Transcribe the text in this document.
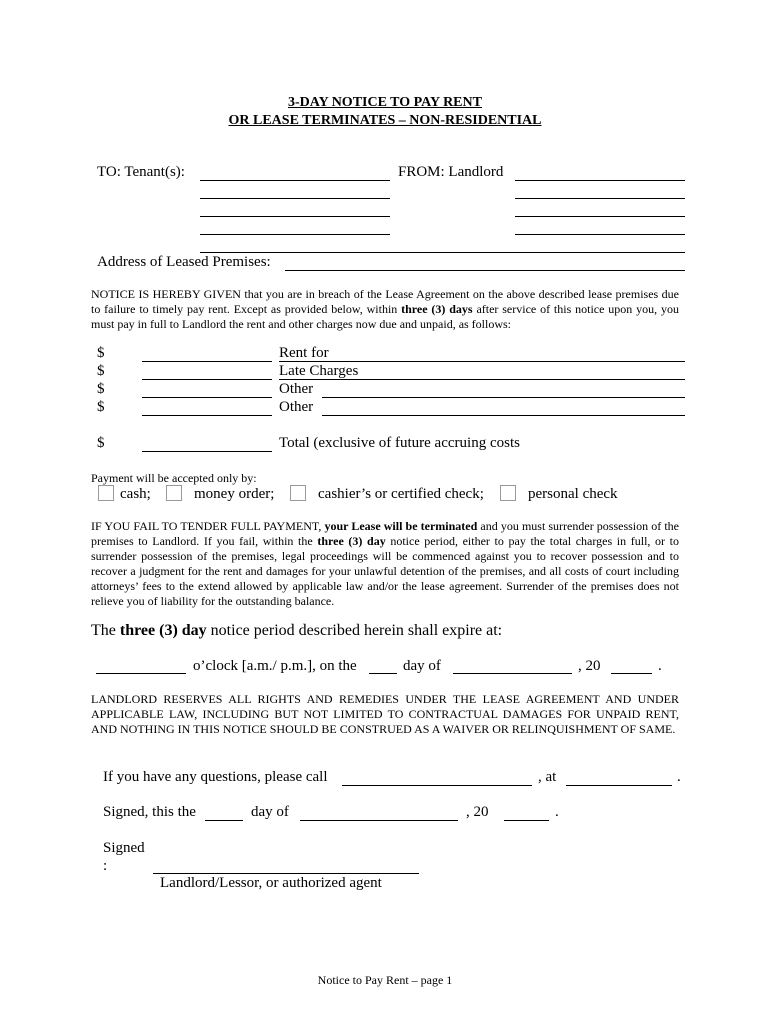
3-DAY NOTICE TO PAY RENT
OR LEASE TERMINATES – NON-RESIDENTIAL
TO: Tenant(s):	FROM: Landlord
Address of Leased Premises:
NOTICE IS HEREBY GIVEN that you are in breach of the Lease Agreement on the above described lease premises due to failure to timely pay rent. Except as provided below, within three (3) days after service of this notice upon you, you must pay in full to Landlord the rent and other charges now due and unpaid, as follows:
$	Rent for
$	Late Charges
$	Other
$	Other
$	Total (exclusive of future accruing costs
Payment will be accepted only by:
cash;	money order;	cashier’s or certified check;	personal check
IF YOU FAIL TO TENDER FULL PAYMENT, your Lease will be terminated and you must surrender possession of the premises to Landlord. If you fail, within the three (3) day notice period, either to pay the total charges in full, or to surrender possession of the premises, legal proceedings will be commenced against you to recover possession and to recover a judgment for the rent and damages for your unlawful detention of the premises, and all costs of court including attorneys’ fees to the extend allowed by applicable law and/or the lease agreement. Surrender of the premises does not relieve you of liability for the outstanding balance.
The three (3) day notice period described herein shall expire at:
o’clock [a.m./ p.m.], on the	day of	, 20	.
LANDLORD RESERVES ALL RIGHTS AND REMEDIES UNDER THE LEASE AGREEMENT AND UNDER APPLICABLE LAW, INCLUDING BUT NOT LIMITED TO CONTRACTUAL DAMAGES FOR UNPAID RENT, AND NOTHING IN THIS NOTICE SHOULD BE CONSTRUED AS A WAIVER OR RELINQUISHMENT OF SAME.
If you have any questions, please call	, at	.
Signed, this the	day of	, 20	.
Signed
:
Landlord/Lessor, or authorized agent
Notice to Pay Rent – page 1
